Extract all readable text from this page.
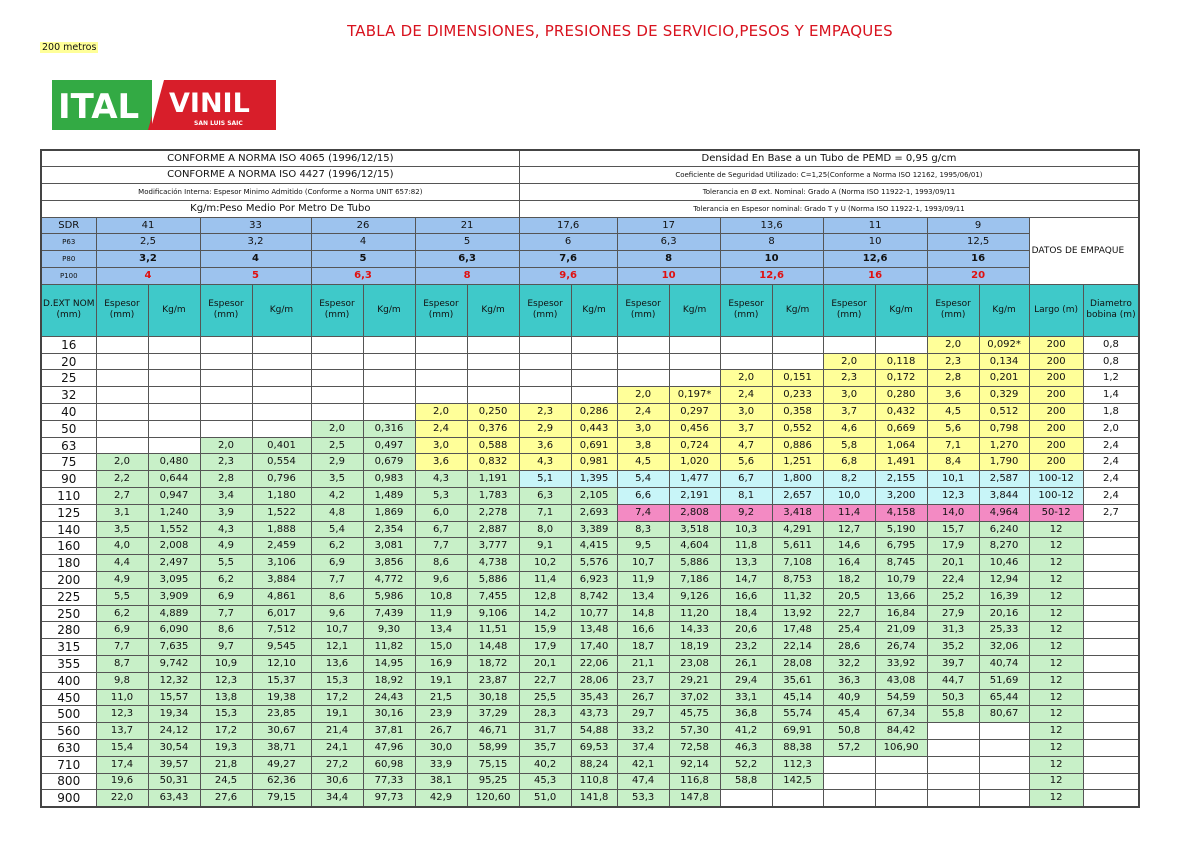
TABLA DE DIMENSIONES, PRESIONES DE SERVICIO,PESOS Y EMPAQUES
200 metros
ITAL VINIL
SAN LUIS SAIC
CONFORME A NORMA ISO 4065 (1996/12/15)									Densidad En Base a un Tubo de PEMD = 0,95 g/cm											
CONFORME A NORMA ISO 4427 (1996/12/15)									Coeficiente de Seguridad Utilizado: C=1,25(Conforme a Norma ISO 12162, 1995/06/01)											
Modificación Interna: Espesor Minimo Admitido (Conforme a Norma UNIT 657:82)									Tolerancia en Ø ext. Nominal: Grado A (Norma ISO 11922-1, 1993/09/11											
Kg/m:Peso Medio Por Metro De Tubo									Tolerancia en Espesor nominal: Grado T y U (Norma ISO 11922-1, 1993/09/11											
SDR	41		33		26		21		17,6		17		13,6		11		9		DATOS DE EMPAQUE	
P63	2,5		3,2		4		5		6		6,3		8		10		12,5			
P80	3,2		4		5		6,3		7,6		8		10		12,6		16			
P100	4		5		6,3		8		9,6		10		12,6		16		20			
D.EXT NOM (mm)	Espesor (mm)	Kg/m	Espesor (mm)	Kg/m	Espesor (mm)	Kg/m	Espesor (mm)	Kg/m	Espesor (mm)	Kg/m	Espesor (mm)	Kg/m	Espesor (mm)	Kg/m	Espesor (mm)	Kg/m	Espesor (mm)	Kg/m	Largo (m)	Diametro bobina (m)
16																	2,0	0,092*	200	0,8
20															2,0	0,118	2,3	0,134	200	0,8
25													2,0	0,151	2,3	0,172	2,8	0,201	200	1,2
32											2,0	0,197*	2,4	0,233	3,0	0,280	3,6	0,329	200	1,4
40							2,0	0,250	2,3	0,286	2,4	0,297	3,0	0,358	3,7	0,432	4,5	0,512	200	1,8
50					2,0	0,316	2,4	0,376	2,9	0,443	3,0	0,456	3,7	0,552	4,6	0,669	5,6	0,798	200	2,0
63			2,0	0,401	2,5	0,497	3,0	0,588	3,6	0,691	3,8	0,724	4,7	0,886	5,8	1,064	7,1	1,270	200	2,4
75	2,0	0,480	2,3	0,554	2,9	0,679	3,6	0,832	4,3	0,981	4,5	1,020	5,6	1,251	6,8	1,491	8,4	1,790	200	2,4
90	2,2	0,644	2,8	0,796	3,5	0,983	4,3	1,191	5,1	1,395	5,4	1,477	6,7	1,800	8,2	2,155	10,1	2,587	100-12	2,4
110	2,7	0,947	3,4	1,180	4,2	1,489	5,3	1,783	6,3	2,105	6,6	2,191	8,1	2,657	10,0	3,200	12,3	3,844	100-12	2,4
125	3,1	1,240	3,9	1,522	4,8	1,869	6,0	2,278	7,1	2,693	7,4	2,808	9,2	3,418	11,4	4,158	14,0	4,964	50-12	2,7
140	3,5	1,552	4,3	1,888	5,4	2,354	6,7	2,887	8,0	3,389	8,3	3,518	10,3	4,291	12,7	5,190	15,7	6,240	12	
160	4,0	2,008	4,9	2,459	6,2	3,081	7,7	3,777	9,1	4,415	9,5	4,604	11,8	5,611	14,6	6,795	17,9	8,270	12	
180	4,4	2,497	5,5	3,106	6,9	3,856	8,6	4,738	10,2	5,576	10,7	5,886	13,3	7,108	16,4	8,745	20,1	10,46	12	
200	4,9	3,095	6,2	3,884	7,7	4,772	9,6	5,886	11,4	6,923	11,9	7,186	14,7	8,753	18,2	10,79	22,4	12,94	12	
225	5,5	3,909	6,9	4,861	8,6	5,986	10,8	7,455	12,8	8,742	13,4	9,126	16,6	11,32	20,5	13,66	25,2	16,39	12	
250	6,2	4,889	7,7	6,017	9,6	7,439	11,9	9,106	14,2	10,77	14,8	11,20	18,4	13,92	22,7	16,84	27,9	20,16	12	
280	6,9	6,090	8,6	7,512	10,7	9,30	13,4	11,51	15,9	13,48	16,6	14,33	20,6	17,48	25,4	21,09	31,3	25,33	12	
315	7,7	7,635	9,7	9,545	12,1	11,82	15,0	14,48	17,9	17,40	18,7	18,19	23,2	22,14	28,6	26,74	35,2	32,06	12	
355	8,7	9,742	10,9	12,10	13,6	14,95	16,9	18,72	20,1	22,06	21,1	23,08	26,1	28,08	32,2	33,92	39,7	40,74	12	
400	9,8	12,32	12,3	15,37	15,3	18,92	19,1	23,87	22,7	28,06	23,7	29,21	29,4	35,61	36,3	43,08	44,7	51,69	12	
450	11,0	15,57	13,8	19,38	17,2	24,43	21,5	30,18	25,5	35,43	26,7	37,02	33,1	45,14	40,9	54,59	50,3	65,44	12	
500	12,3	19,34	15,3	23,85	19,1	30,16	23,9	37,29	28,3	43,73	29,7	45,75	36,8	55,74	45,4	67,34	55,8	80,67	12	
560	13,7	24,12	17,2	30,67	21,4	37,81	26,7	46,71	31,7	54,88	33,2	57,30	41,2	69,91	50,8	84,42			12	
630	15,4	30,54	19,3	38,71	24,1	47,96	30,0	58,99	35,7	69,53	37,4	72,58	46,3	88,38	57,2	106,90			12	
710	17,4	39,57	21,8	49,27	27,2	60,98	33,9	75,15	40,2	88,24	42,1	92,14	52,2	112,3					12	
800	19,6	50,31	24,5	62,36	30,6	77,33	38,1	95,25	45,3	110,8	47,4	116,8	58,8	142,5					12	
900	22,0	63,43	27,6	79,15	34,4	97,73	42,9	120,60	51,0	141,8	53,3	147,8							12	
